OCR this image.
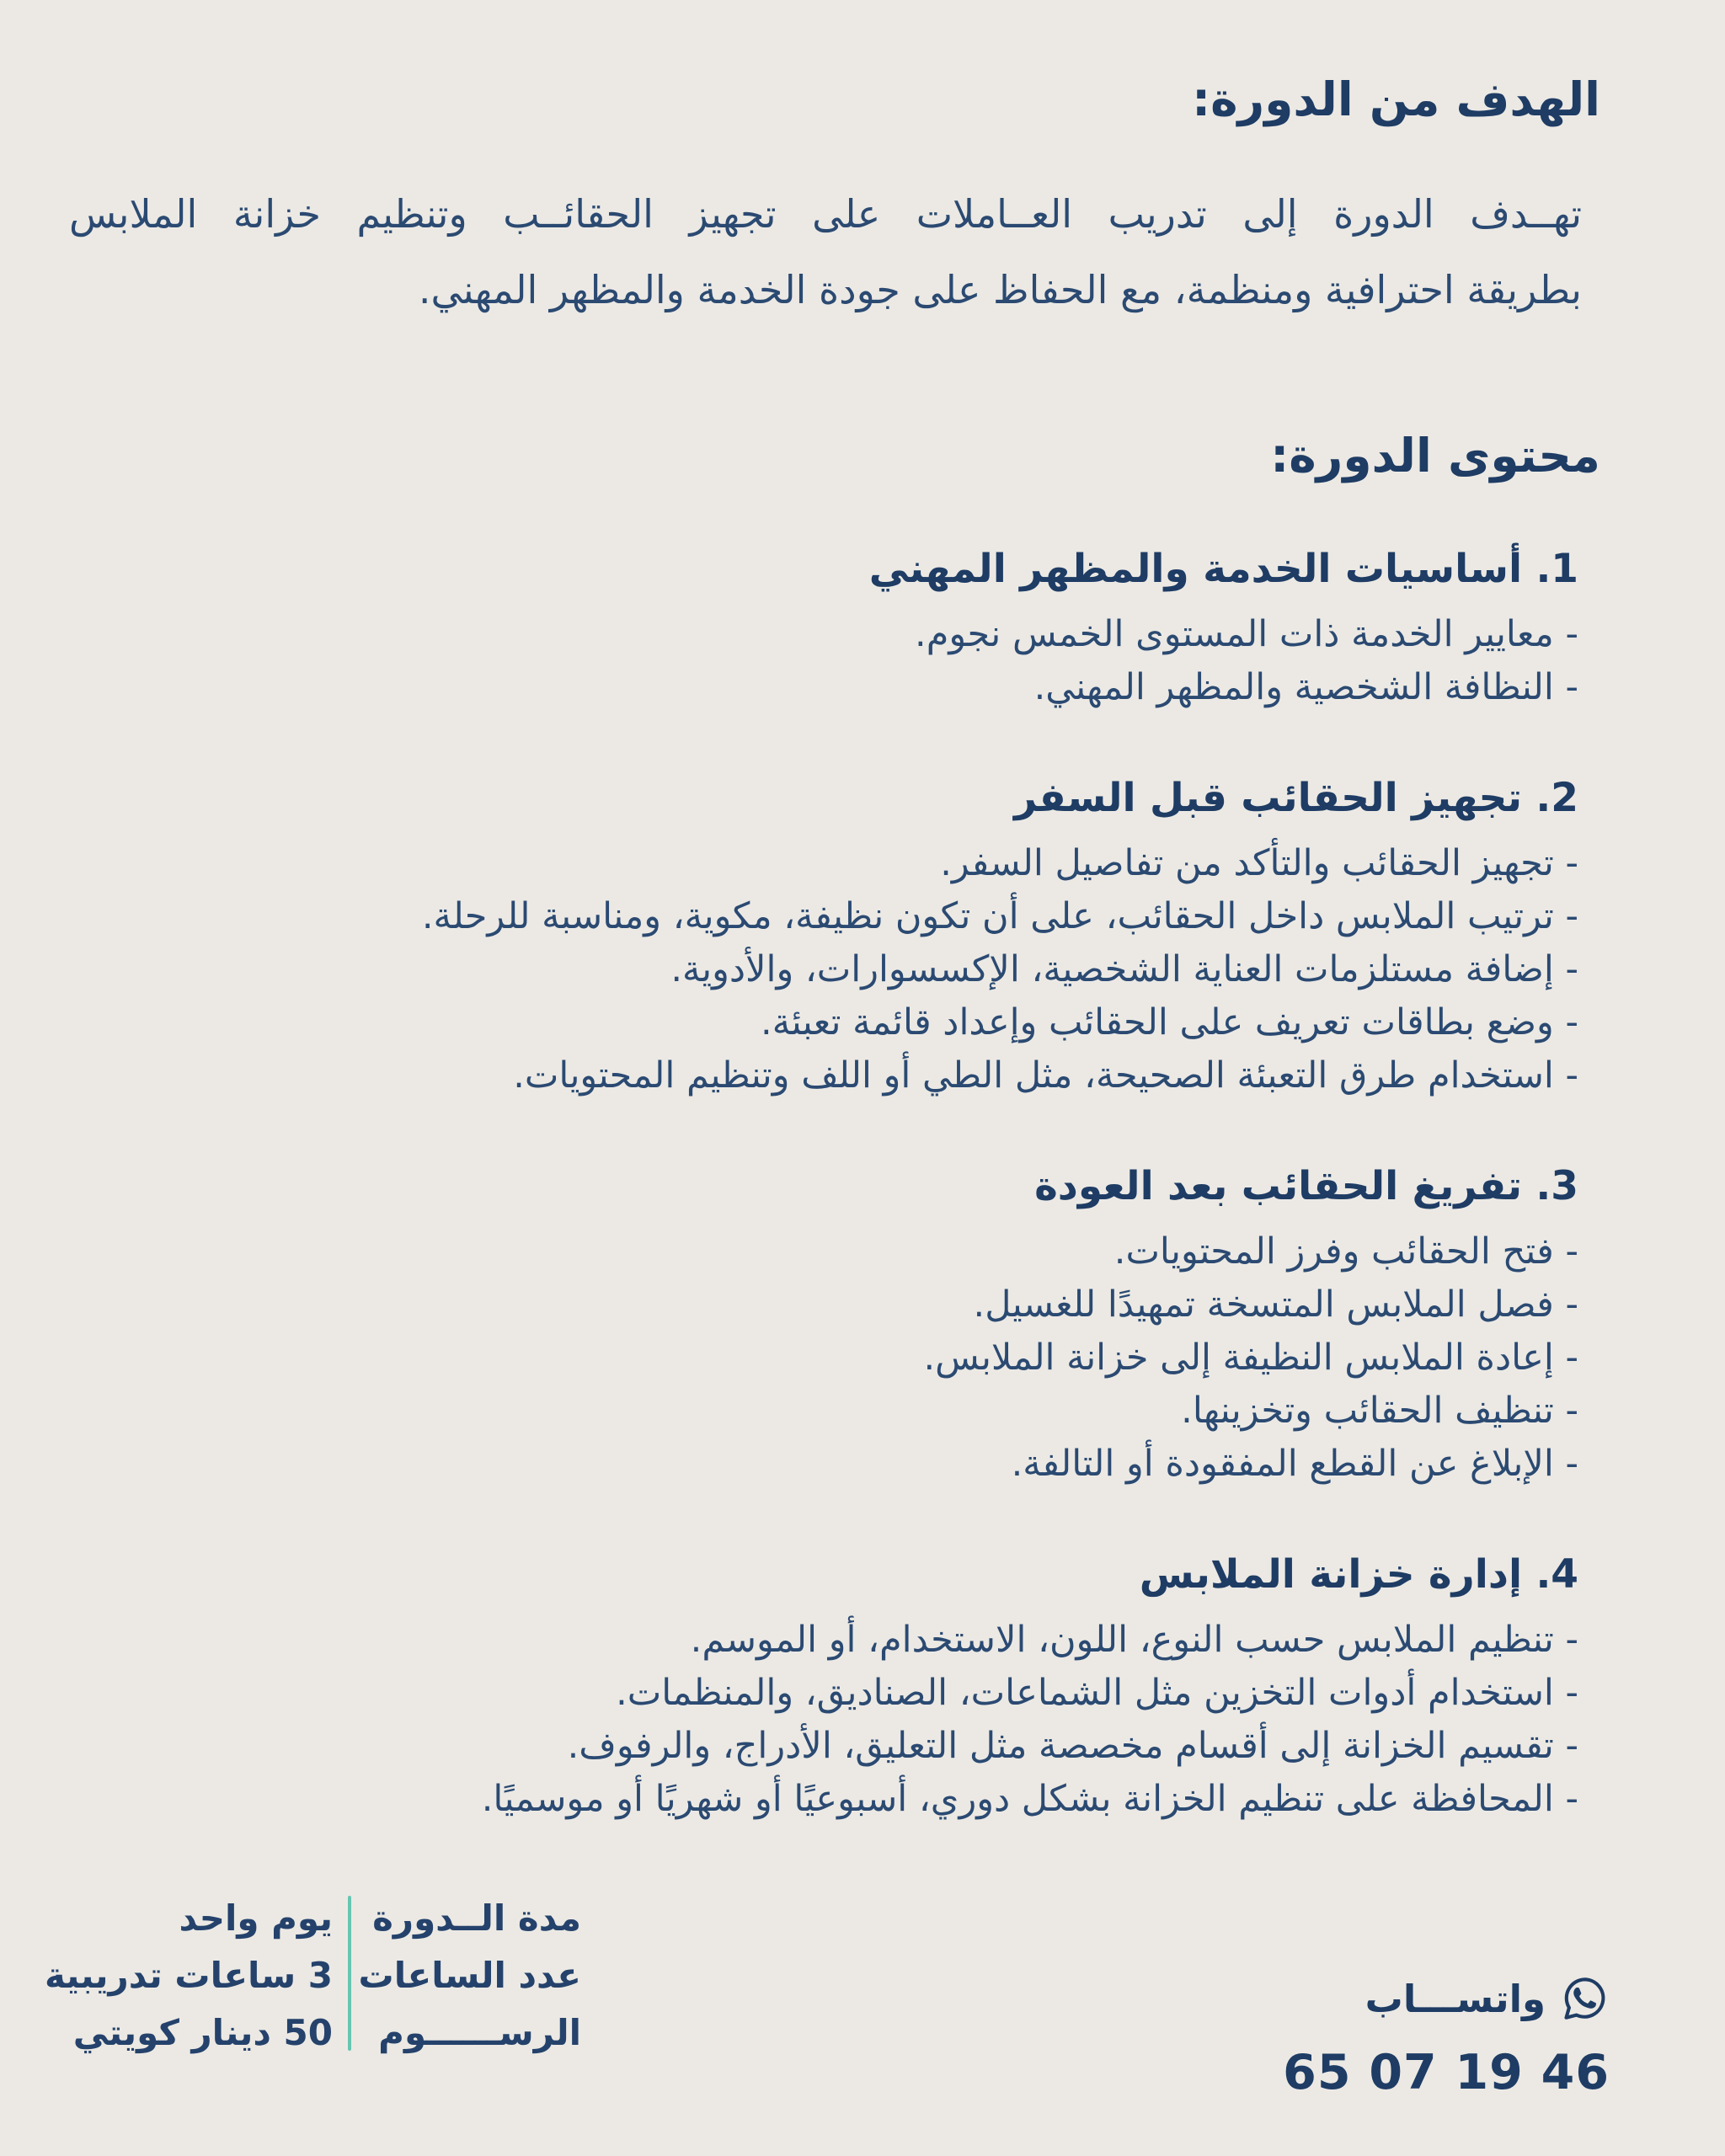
الهدف من الدورة:
تهــدف الدورة إلى تدريب العــاملات على تجهيز الحقائــب وتنظيم خزانة الملابس
بطريقة احترافية ومنظمة، مع الحفاظ على جودة الخدمة والمظهر المهني.
محتوى الدورة:
1. أساسيات الخدمة والمظهر المهني
- معايير الخدمة ذات المستوى الخمس نجوم.
- النظافة الشخصية والمظهر المهني.
2. تجهيز الحقائب قبل السفر
- تجهيز الحقائب والتأكد من تفاصيل السفر.
- ترتيب الملابس داخل الحقائب، على أن تكون نظيفة، مكوية، ومناسبة للرحلة.
- إضافة مستلزمات العناية الشخصية، الإكسسوارات، والأدوية.
- وضع بطاقات تعريف على الحقائب وإعداد قائمة تعبئة.
- استخدام طرق التعبئة الصحيحة، مثل الطي أو اللف وتنظيم المحتويات.
3. تفريغ الحقائب بعد العودة
- فتح الحقائب وفرز المحتويات.
- فصل الملابس المتسخة تمهيدًا للغسيل.
- إعادة الملابس النظيفة إلى خزانة الملابس.
- تنظيف الحقائب وتخزينها.
- الإبلاغ عن القطع المفقودة أو التالفة.
4. إدارة خزانة الملابس
- تنظيم الملابس حسب النوع، اللون، الاستخدام، أو الموسم.
- استخدام أدوات التخزين مثل الشماعات، الصناديق، والمنظمات.
- تقسيم الخزانة إلى أقسام مخصصة مثل التعليق، الأدراج، والرفوف.
- المحافظة على تنظيم الخزانة بشكل دوري، أسبوعيًا أو شهريًا أو موسميًا.
مدة الــدورة
يوم واحد
عدد الساعات
3 ساعات تدريبية
الرســــــوم
50 دينار كويتي
واتســـاب
65 07 19 46
